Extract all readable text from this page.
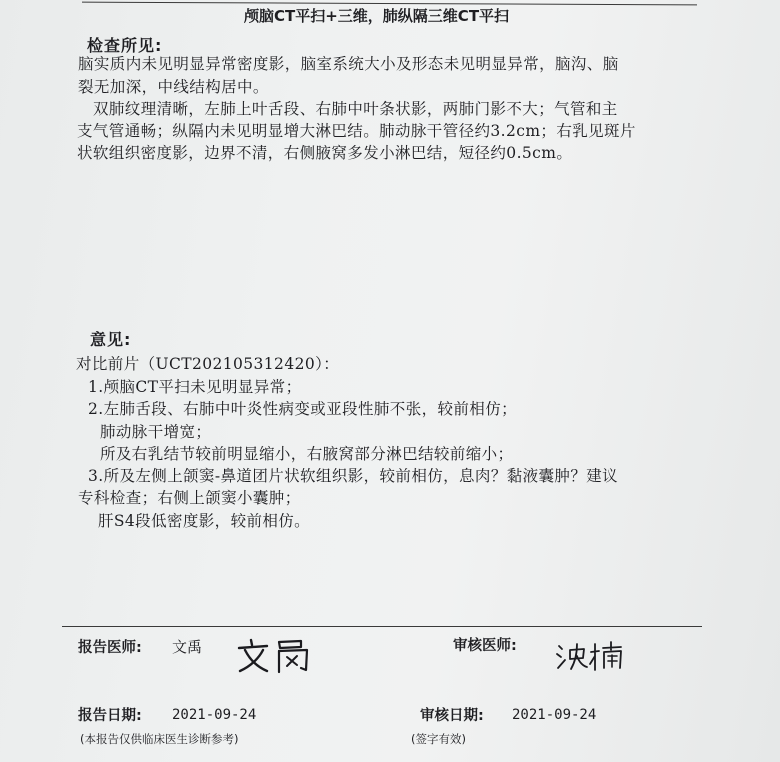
颅脑CT平扫+三维，肺纵隔三维CT平扫
检查所见:
脑实质内未见明显异常密度影，脑室系统大小及形态未见明显异常，脑沟、脑
裂无加深，中线结构居中。
双肺纹理清晰，左肺上叶舌段、右肺中叶条状影，两肺门影不大；气管和主
支气管通畅；纵隔内未见明显增大淋巴结。肺动脉干管径约3.2cm；右乳见斑片
状软组织密度影，边界不清，右侧腋窝多发小淋巴结，短径约0.5cm。
意见:
对比前片（UCT202105312420）：
1.颅脑CT平扫未见明显异常；
2.左肺舌段、右肺中叶炎性病变或亚段性肺不张，较前相仿；
肺动脉干增宽；
所及右乳结节较前明显缩小，右腋窝部分淋巴结较前缩小；
3.所及左侧上颌窦-鼻道团片状软组织影，较前相仿，息肉？黏液囊肿？建议
专科检查；右侧上颌窦小囊肿；
肝S4段低密度影，较前相仿。
报告医师: 文禹	审核医师:
报告日期: 2021-09-24	审核日期: 2021-09-24
(本报告仅供临床医生诊断参考)	(签字有效)
